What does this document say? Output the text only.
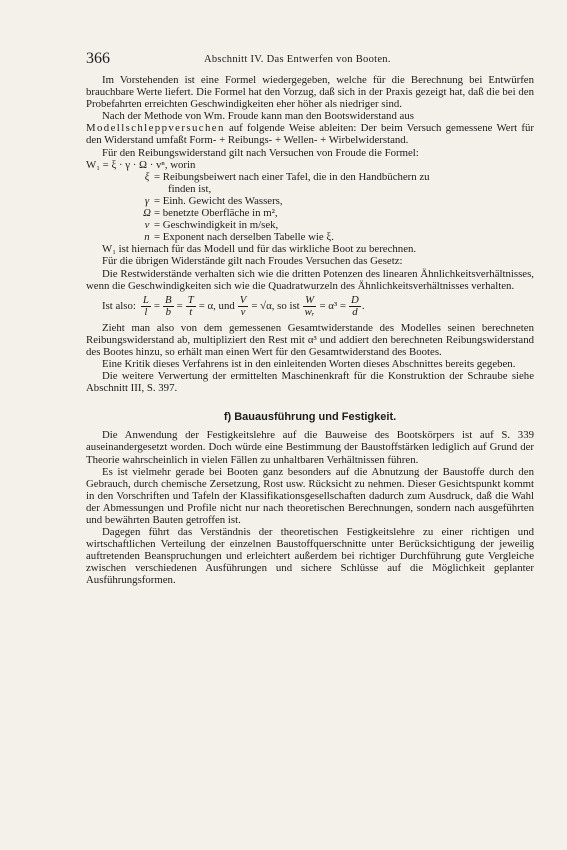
366	Abschnitt IV. Das Entwerfen von Booten.

Im Vorstehenden ist eine Formel wiedergegeben, welche für die Berechnung bei Entwürfen brauchbare Werte liefert. Die Formel hat den Vorzug, daß sich in der Praxis gezeigt hat, daß die bei den Probefahrten erreichten Geschwindigkeiten eher höher als niedriger sind.

Nach der Methode von Wm. Froude kann man den Bootswiderstand aus
Modellschleppversuchen auf folgende Weise ableiten: Der beim Versuch gemessene Wert für den Widerstand umfaßt Form- + Reibungs- + Wellen- + Wirbelwiderstand.

Für den Reibungswiderstand gilt nach Versuchen von Froude die Formel:

W₁ = ξ · γ · Ω · vⁿ, worin
ξ = Reibungsbeiwert nach einer Tafel, die in den Handbüchern zu
finden ist,
γ = Einh. Gewicht des Wassers,
Ω = benetzte Oberfläche in m²,
v = Geschwindigkeit in m/sek,
n = Exponent nach derselben Tabelle wie ξ.

W₁ ist hiernach für das Modell und für das wirkliche Boot zu berechnen.

Für die übrigen Widerstände gilt nach Froudes Versuchen das Gesetz:

Die Restwiderstände verhalten sich wie die dritten Potenzen des linearen Ähnlichkeitsverhältnisses, wenn die Geschwindigkeiten sich wie die Quadratwurzeln des Ähnlichkeitsverhältnisses verhalten.

Ist also: $\frac{L}{l} = \frac{B}{b} = \frac{T}{t} = \alpha$, und $\frac{V}{v} = √\alpha$, so ist $\frac{W}{\text{wᵣ}} = \alpha^3 = \frac{D}{d}$ .

Zieht man also von dem gemessenen Gesamtwiderstande des Modelles seinen berechneten Reibungswiderstand ab, multipliziert den Rest mit α³ und addiert den berechneten Reibungswiderstand des Bootes hinzu, so erhält man einen Wert für den Gesamtwiderstand des Bootes.

Eine Kritik dieses Verfahrens ist in den einleitenden Worten dieses Abschnittes bereits gegeben.

Die weitere Verwertung der ermittelten Maschinenkraft für die Konstruktion der Schraube siehe Abschnitt III, S. 397.

f) Bauausführung und Festigkeit.

Die Anwendung der Festigkeitslehre auf die Bauweise des Bootskörpers ist auf S. 339 auseinandergesetzt worden. Doch würde eine Bestimmung der Baustoffstärken lediglich auf Grund der Theorie wahrscheinlich in vielen Fällen zu unhaltbaren Verhältnissen führen.

Es ist vielmehr gerade bei Booten ganz besonders auf die Abnutzung der Baustoffe durch den Gebrauch, durch chemische Zersetzung, Rost usw. Rücksicht zu nehmen. Dieser Gesichtspunkt kommt in den Vorschriften und Tafeln der Klassifikationsgesellschaften dadurch zum Ausdruck, daß die Wahl der Abmessungen und Profile nicht nur nach theoretischen Berechnungen, sondern nach ausgeführten und bewährten Bauten getroffen ist.

Dagegen führt das Verständnis der theoretischen Festigkeitslehre zu einer richtigen und wirtschaftlichen Verteilung der einzelnen Baustoffquerschnitte unter Berücksichtigung der jeweilig auftretenden Beanspruchungen und erleichtert außerdem bei richtiger Durchführung gute Vergleiche zwischen verschiedenen Ausführungen und sichere Schlüsse auf die Möglichkeit geplanter Ausführungsformen.
